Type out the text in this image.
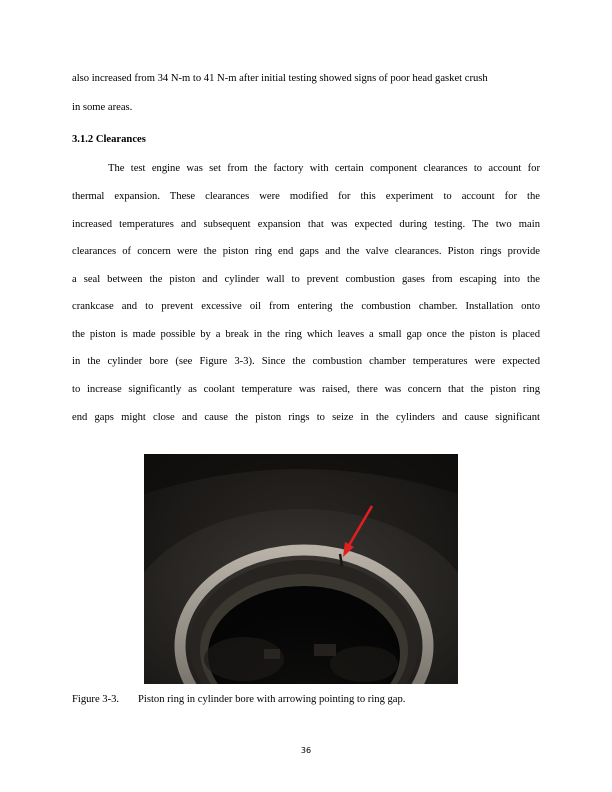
also increased from 34 N-m to 41 N-m after initial testing showed signs of poor head gasket crush
in some areas.
3.1.2 Clearances
The test engine was set from the factory with certain component clearances to account for
thermal expansion. These clearances were modified for this experiment to account for the
increased temperatures and subsequent expansion that was expected during testing. The two main
clearances of concern were the piston ring end gaps and the valve clearances. Piston rings provide
a seal between the piston and cylinder wall to prevent combustion gases from escaping into the
crankcase and to prevent excessive oil from entering the combustion chamber. Installation onto
the piston is made possible by a break in the ring which leaves a small gap once the piston is placed
in the cylinder bore (see Figure 3-3). Since the combustion chamber temperatures were expected
to increase significantly as coolant temperature was raised, there was concern that the piston ring
end gaps might close and cause the piston rings to seize in the cylinders and cause significant
Figure 3-3. Piston ring in cylinder bore with arrowing pointing to ring gap.
36
